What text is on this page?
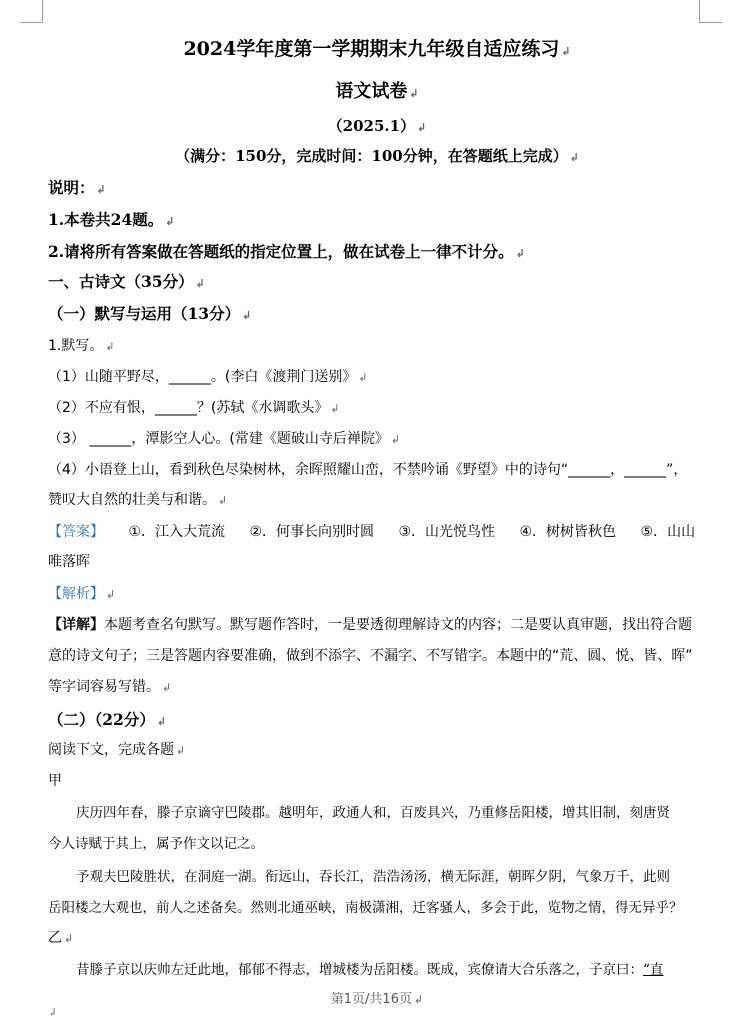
2024学年度第一学期期末九年级自适应练习 ↲
语文试卷 ↲
（2025.1） ↲
（满分：150分，完成时间：100分钟，在答题纸上完成） ↲
说明： ↲
1.本卷共24题。 ↲
2.请将所有答案做在答题纸的指定位置上，做在试卷上一律不计分。 ↲
一、古诗文（35分） ↲
（一）默写与运用（13分） ↲
1.默写。 ↲
（1）山随平野尽，______。(李白《渡荆门送别》 ↲
（2）不应有恨，______？(苏轼《水调歌头》 ↲
（3） ______，潭影空人心。(常建《题破山寺后禅院》 ↲
（4）小语登上山，看到秋色尽染树林，余晖照耀山峦，不禁吟诵《野望》中的诗句“______，______”，
赞叹大自然的壮美与和谐。 ↲
【答案】 ①．江入大荒流 ②．何事长向别时圆 ③．山光悦鸟性 ④．树树皆秋色 ⑤．山山
唯落晖
【解析】 ↲
【详解】本题考查名句默写。默写题作答时，一是要透彻理解诗文的内容；二是要认真审题，找出符合题
意的诗文句子；三是答题内容要准确，做到不添字、不漏字、不写错字。本题中的“荒、圆、悦、皆、晖”
等字词容易写错。 ↲
（二）（22分） ↲
阅读下文，完成各题 ↲
甲
庆历四年春，滕子京谪守巴陵郡。越明年，政通人和，百废具兴，乃重修岳阳楼，增其旧制，刻唐贤
今人诗赋于其上，属予作文以记之。
予观夫巴陵胜状，在洞庭一湖。衔远山，吞长江，浩浩汤汤，横无际涯，朝晖夕阴，气象万千，此则
岳阳楼之大观也，前人之述备矣。然则北通巫峡，南极潇湘，迁客骚人，多会于此，览物之情，得无异乎？
乙 ↲
昔滕子京以庆帅左迁此地，郁郁不得志，增城楼为岳阳楼。既成，宾僚请大合乐落之，子京曰：“直
第1页/共16页 ↲
↲
